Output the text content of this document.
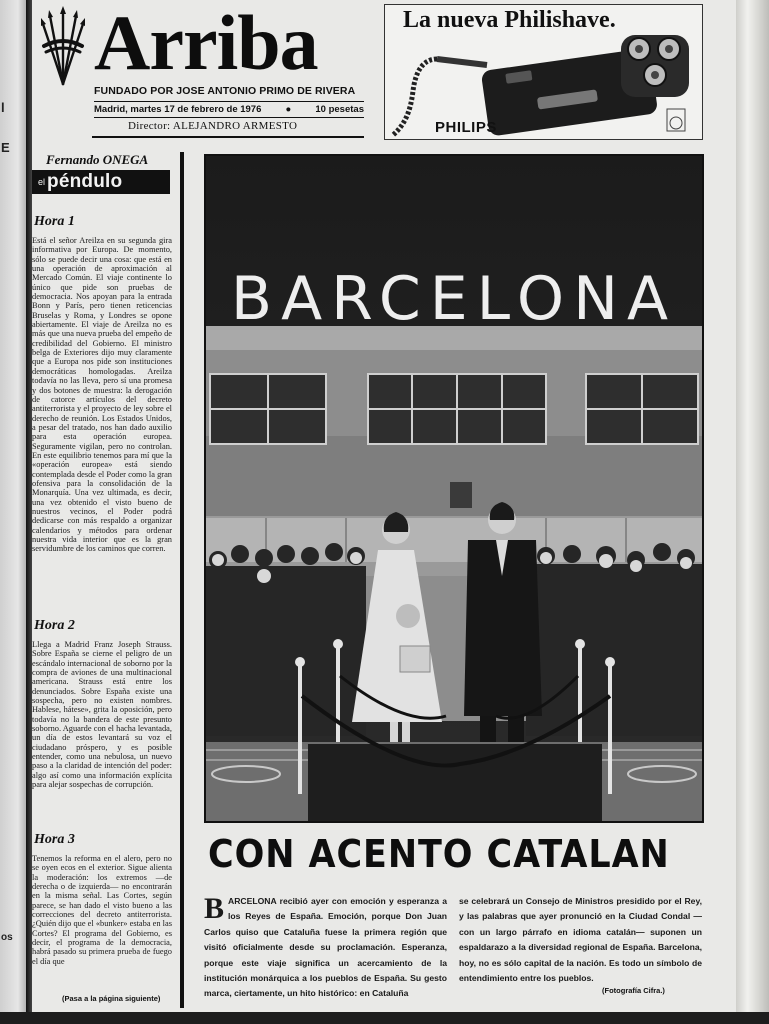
l
E
os
Arriba
FUNDADO POR JOSE ANTONIO PRIMO DE RIVERA
Madrid, martes 17 de febrero de 1976	●	10 pesetas
Director: ALEJANDRO ARMESTO
La nueva Philishave.
PHILIPS
Fernando ONEGA
el péndulo
Hora 1
Está el señor Areilza en su segunda gira informativa por Europa. De momento, sólo se puede decir una cosa: que está en una operación de aproximación al Mercado Común. El viaje continente lo único que pide son pruebas de democracia. Nos apoyan para la entrada Bonn y París, pero tienen reticencias Bruselas y Roma, y Londres se opone abiertamente. El viaje de Areilza no es más que una nueva prueba del empeño de credibilidad del Gobierno. El ministro belga de Exteriores dijo muy claramente que a Europa nos pide son instituciones democráticas homologadas. Areilza todavía no las lleva, pero sí una promesa y dos botones de muestra: la derogación de catorce artículos del decreto antiterrorista y el proyecto de ley sobre el derecho de reunión. Los Estados Unidos, a pesar del tratado, nos han dado auxilio para esta operación europea. Seguramente vigilan, pero no controlan. En este equilibrio tenemos para mí que la «operación europea» está siendo contemplada desde el Poder como la gran ofensiva para la consolidación de la Monarquía. Una vez ultimada, es decir, una vez obtenido el visto bueno de nuestros vecinos, el Poder podrá dedicarse con más respaldo a organizar calendarios y métodos para ordenar nuestra vida interior que es la gran servidumbre de los caminos que corren.
Hora 2
Llega a Madrid Franz Joseph Strauss. Sobre España se cierne el peligro de un escándalo internacional de soborno por la compra de aviones de una multinacional americana. Strauss está entre los denunciados. Sobre España existe una sospecha, pero no existen nombres. Hablese, hátese», grita la oposición, pero todavía no la bandera de este presunto soborno. Aguarde con el hacha levantada, un día de estos levantará su voz el ciudadano próspero, y es posible entender, como una nebulosa, un nuevo paso a la claridad de intención del poder: algo así como una información explícita para alejar sospechas de corrupción.
Hora 3
Tenemos la reforma en el alero, pero no se oyen ecos en el exterior. Sigue alienta la moderación: los extremos —de derecha o de izquierda— no encontrarán en la misma señal. Las Cortes, según parece, se han dado el visto bueno a las correcciones del decreto antiterrorista. ¿Quién dijo que el «bunker» estaba en las Cortes? El programa del Gobierno, es decir, el programa de la democracia, habrá pasado su primera prueba de fuego el día que
(Pasa a la página siguiente)
BARCELONA
CON ACENTO CATALAN
BARCELONA recibió ayer con emoción y esperanza a los Reyes de España. Emoción, porque Don Juan Carlos quiso que Cataluña fuese la primera región que visitó oficialmente desde su proclamación. Esperanza, porque este viaje significa un acercamiento de la institución monárquica a los pueblos de España. Su gesto marca, ciertamente, un hito histórico: en Cataluña
se celebrará un Consejo de Ministros presidido por el Rey, y las palabras que ayer pronunció en la Ciudad Condal —con un largo párrafo en idioma catalán— suponen un espaldarazo a la diversidad regional de España. Barcelona, hoy, no es sólo capital de la nación. Es todo un símbolo de entendimiento entre los pueblos.
(Fotografía Cifra.)
